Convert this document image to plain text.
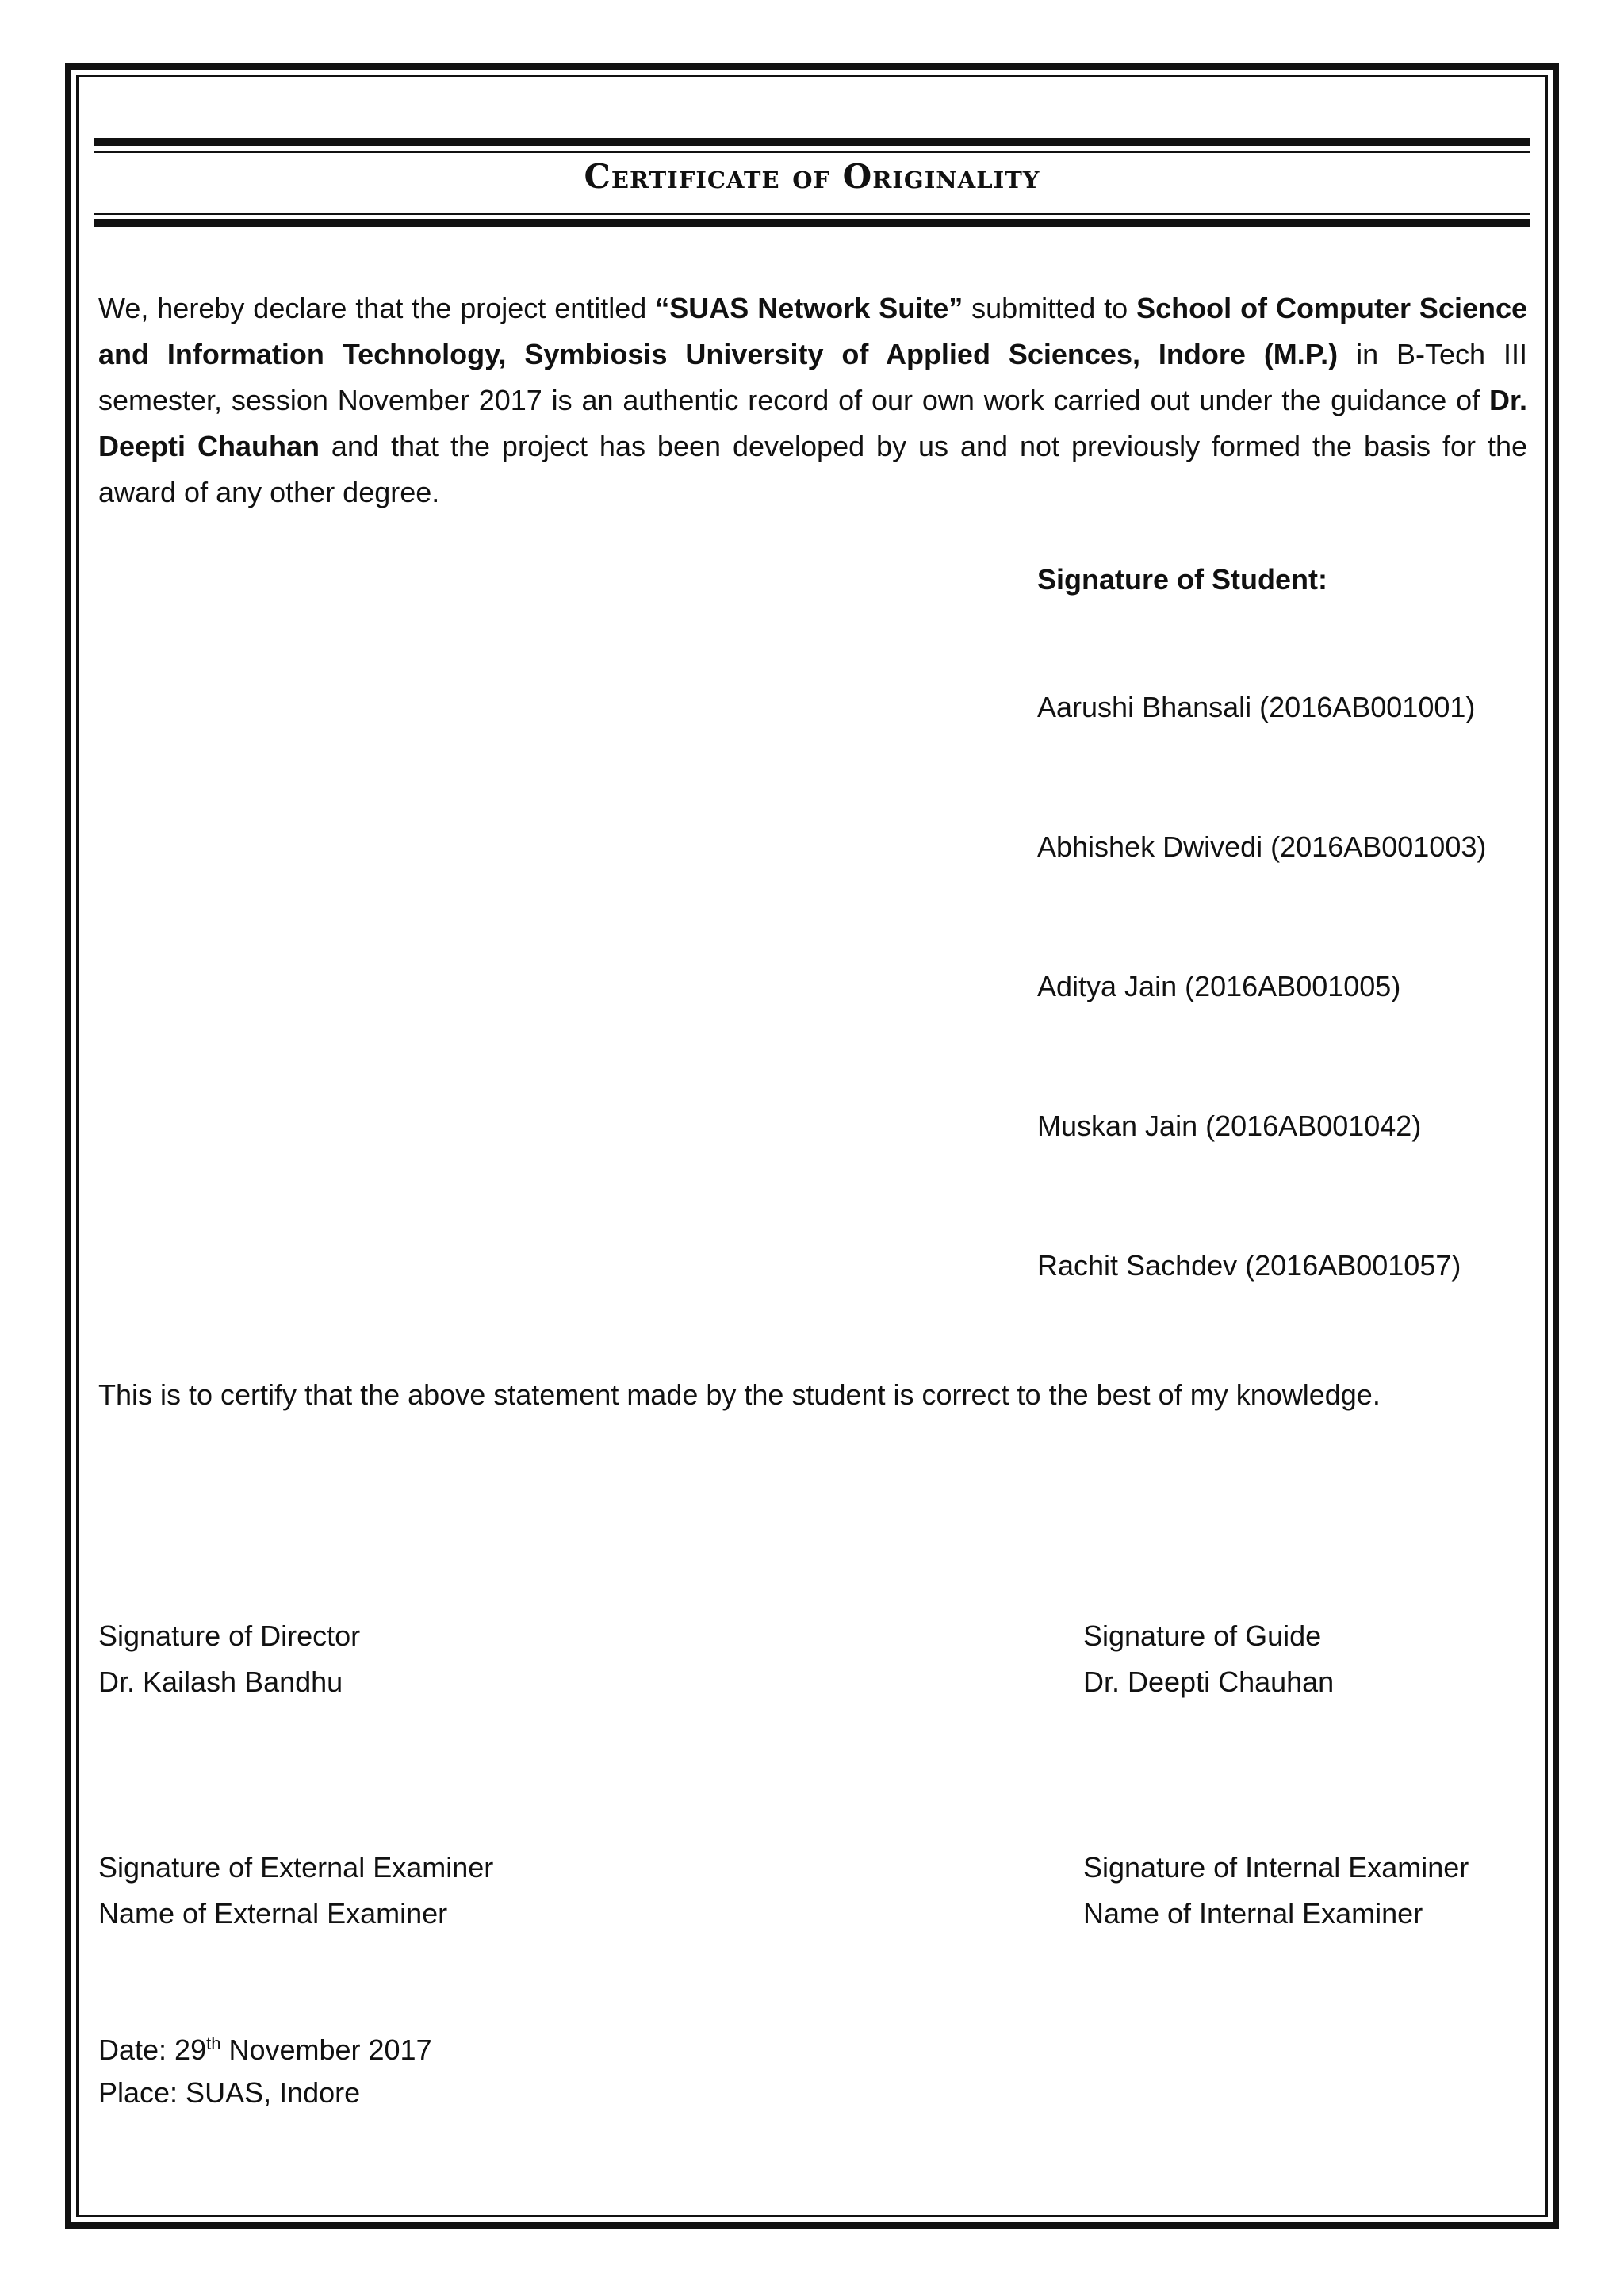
Certificate of Originality
We, hereby declare that the project entitled “SUAS Network Suite” submitted to School of Computer Science and Information Technology, Symbiosis University of Applied Sciences, Indore (M.P.) in B-Tech III semester, session November 2017 is an authentic record of our own work carried out under the guidance of Dr. Deepti Chauhan and that the project has been developed by us and not previously formed the basis for the award of any other degree.
Signature of Student:
Aarushi Bhansali (2016AB001001)
Abhishek Dwivedi (2016AB001003)
Aditya Jain (2016AB001005)
Muskan Jain (2016AB001042)
Rachit Sachdev (2016AB001057)
This is to certify that the above statement made by the student is correct to the best of my knowledge.
Signature of Director
Dr. Kailash Bandhu
Signature of Guide
Dr. Deepti Chauhan
Signature of External Examiner
Name of External Examiner
Signature of Internal Examiner
Name of Internal Examiner
Date: 29th November 2017
Place: SUAS, Indore
